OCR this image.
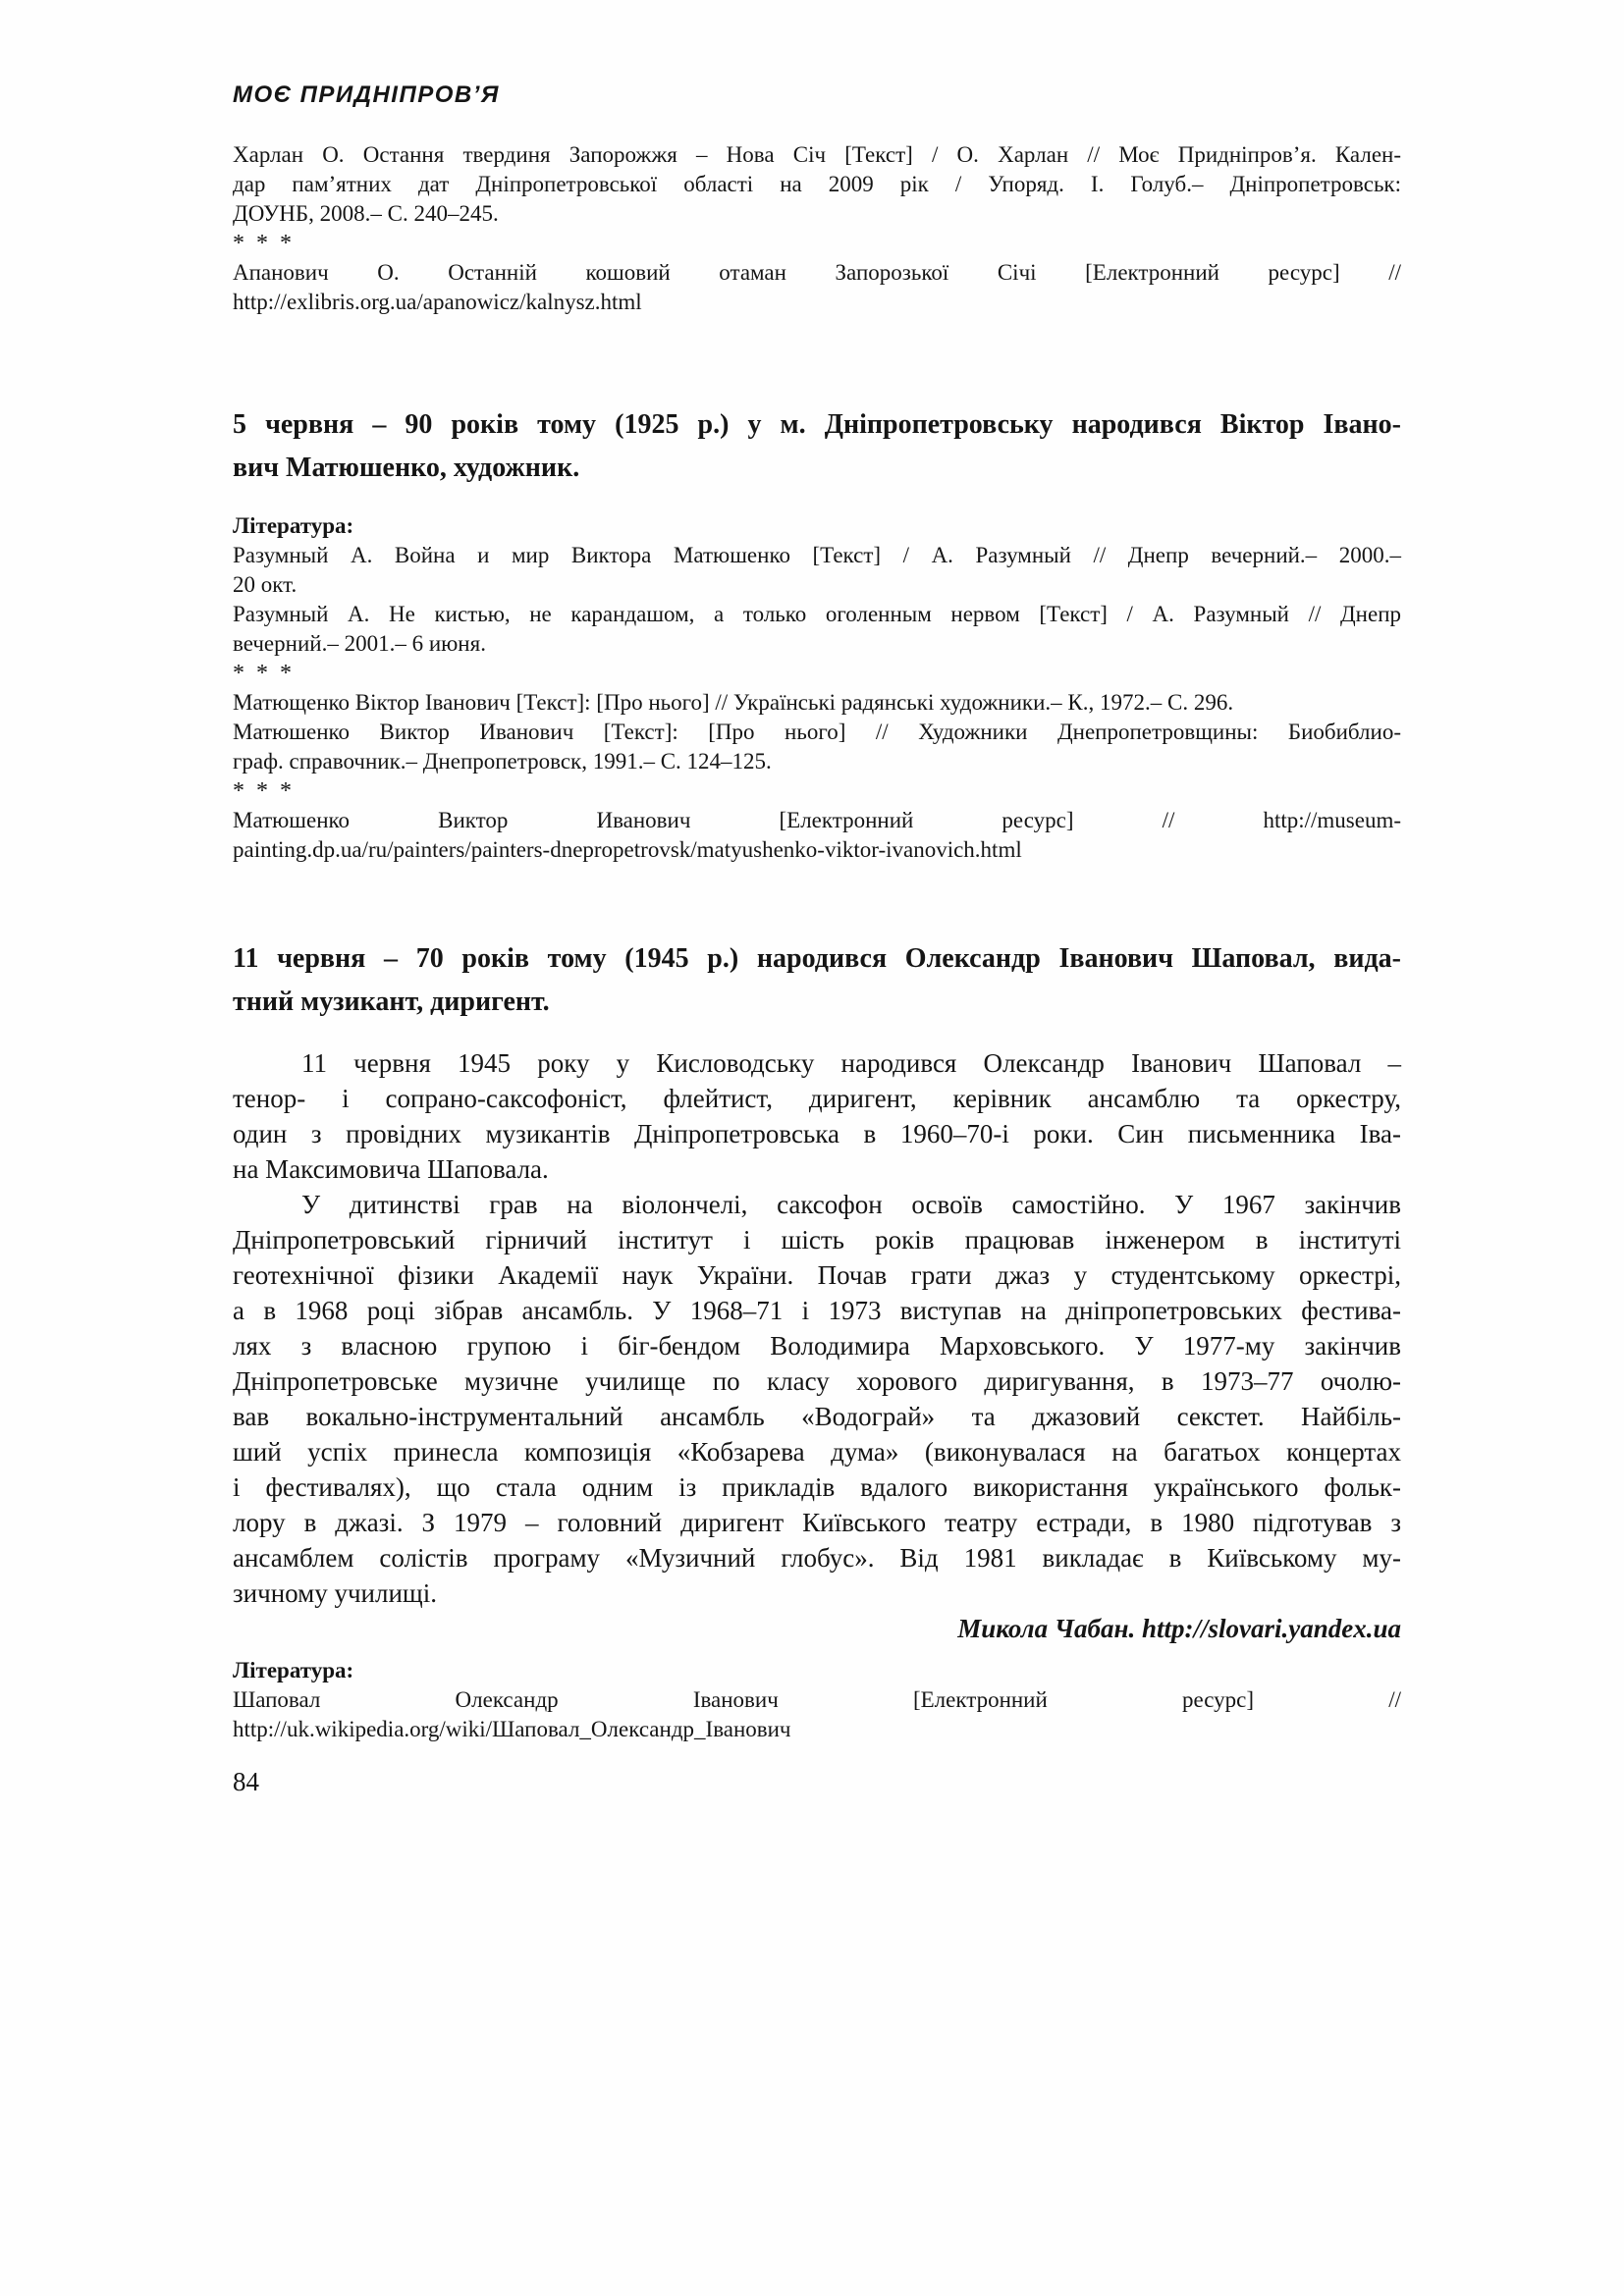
МОЄ ПРИДНІПРОВ’Я
Харлан О. Остання твердиня Запорожжя – Нова Січ [Текст] / О. Харлан // Моє Придніпров’я. Кален-
дар пам’ятних дат Дніпропетровської області на 2009 рік / Упоряд. І. Голуб.– Дніпропетровськ:
ДОУНБ, 2008.– С. 240–245.
* * *
Апанович О. Останній кошовий отаман Запорозької Січі [Електронний ресурс] //
http://exlibris.org.ua/apanowicz/kalnysz.html
5 червня – 90 років тому (1925 р.) у м. Дніпропетровську народився Віктор Івано-
вич Матюшенко, художник.
Література:
Разумный А. Война и мир Виктора Матюшенко [Текст] / А. Разумный // Днепр вечерний.– 2000.–
20 окт.
Разумный А. Не кистью, не карандашом, а только оголенным нервом [Текст] / А. Разумный // Днепр
вечерний.– 2001.– 6 июня.
* * *
Матющенко Віктор Іванович [Текст]: [Про нього] // Українські радянські художники.– К., 1972.– С. 296.
Матюшенко Виктор Иванович [Текст]: [Про нього] // Художники Днепропетровщины: Биобиблио-
граф. справочник.– Днепропетровск, 1991.– С. 124–125.
* * *
Матюшенко Виктор Иванович [Електронний ресурс] // http://museum-
painting.dp.ua/ru/painters/painters-dnepropetrovsk/matyushenko-viktor-ivanovich.html
11 червня – 70 років тому (1945 р.) народився Олександр Іванович Шаповал, вида-
тний музикант, диригент.
11 червня 1945 року у Кисловодську народився Олександр Іванович Шаповал –
тенор- і сопрано-саксофоніст, флейтист, диригент, керівник ансамблю та оркестру,
один з провідних музикантів Дніпропетровська в 1960–70-і роки. Син письменника Іва-
на Максимовича Шаповала.
У дитинстві грав на віолончелі, саксофон освоїв самостійно. У 1967 закінчив
Дніпропетровський гірничий інститут і шість років працював інженером в інституті
геотехнічної фізики Академії наук України. Почав грати джаз у студентському оркестрі,
а в 1968 році зібрав ансамбль. У 1968–71 і 1973 виступав на дніпропетровських фестива-
лях з власною групою і біг-бендом Володимира Марховського. У 1977-му закінчив
Дніпропетровське музичне училище по класу хорового диригування, в 1973–77 очолю-
вав вокально-інструментальний ансамбль «Водограй» та джазовий секстет. Найбіль-
ший успіх принесла композиція «Кобзарева дума» (виконувалася на багатьох концертах
і фестивалях), що стала одним із прикладів вдалого використання українського фольк-
лору в джазі. З 1979 – головний диригент Київського театру естради, в 1980 підготував з
ансамблем солістів програму «Музичний глобус». Від 1981 викладає в Київському му-
зичному училищі.
Микола Чабан. http://slovari.yandex.ua
Література:
Шаповал Олександр Іванович [Електронний ресурс] //
http://uk.wikipedia.org/wiki/Шаповал_Олександр_Іванович
84
